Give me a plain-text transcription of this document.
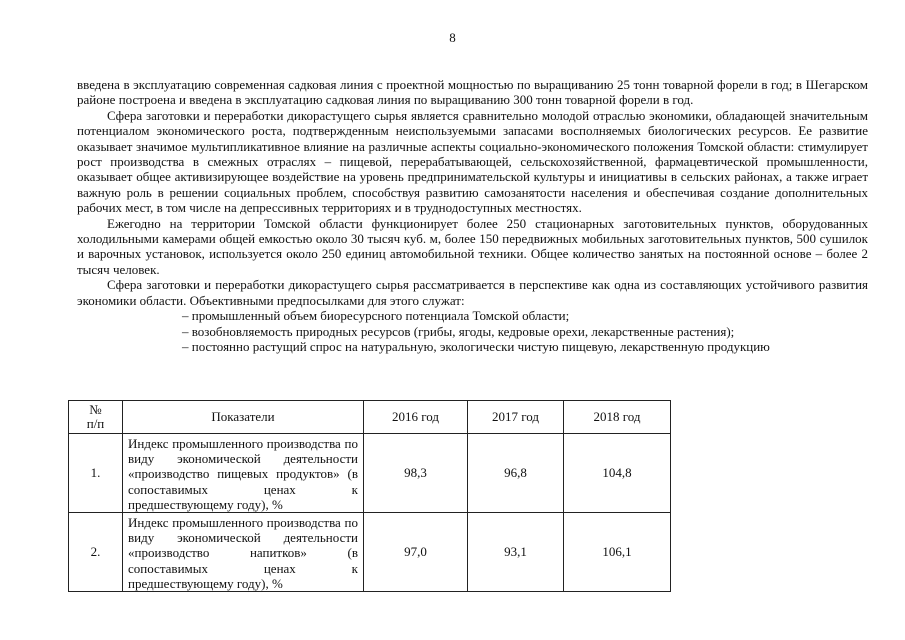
8

введена в эксплуатацию современная садковая линия с проектной мощностью по выращиванию 25 тонн товарной форели в год; в Шегарском районе построена и введена в эксплуатацию садковая линия по выращиванию 300 тонн товарной форели в год.

Сфера заготовки и переработки дикорастущего сырья является сравнительно молодой отраслью экономики, обладающей значительным потенциалом экономического роста, подтвержденным неиспользуемыми запасами восполняемых биологических ресурсов. Ее развитие оказывает значимое мультипликативное влияние на различные аспекты социально-экономического положения Томской области: стимулирует рост производства в смежных отраслях – пищевой, перерабатывающей, сельскохозяйственной, фармацевтической промышленности, оказывает общее активизирующее воздействие на уровень предпринимательской культуры и инициативы в сельских районах, а также играет важную роль в решении социальных проблем, способствуя развитию самозанятости населения и обеспечивая создание дополнительных рабочих мест, в том числе на депрессивных территориях и в труднодоступных местностях.

Ежегодно на территории Томской области функционирует более 250 стационарных заготовительных пунктов, оборудованных холодильными камерами общей емкостью около 30 тысяч куб. м, более 150 передвижных мобильных заготовительных пунктов, 500 сушилок и варочных установок, используется около 250 единиц автомобильной техники. Общее количество занятых на постоянной основе – более 2 тысяч человек.

Сфера заготовки и переработки дикорастущего сырья рассматривается в перспективе как одна из составляющих устойчивого развития экономики области. Объективными предпосылками для этого служат:

– промышленный объем биоресурсного потенциала Томской области;
– возобновляемость природных ресурсов (грибы, ягоды, кедровые орехи, лекарственные растения);
– постоянно растущий спрос на натуральную, экологически чистую пищевую, лекарственную продукцию
№
п/п	Показатели	2016 год	2017 год	2018 год
1.	Индекс промышленного производства по виду экономической деятельности «производство пищевых продуктов» (в сопоставимых ценах к предшествующему году), %	98,3	96,8	104,8
2.	Индекс промышленного производства по виду экономической деятельности «производство напитков» (в сопоставимых ценах к предшествующему году), %	97,0	93,1	106,1
